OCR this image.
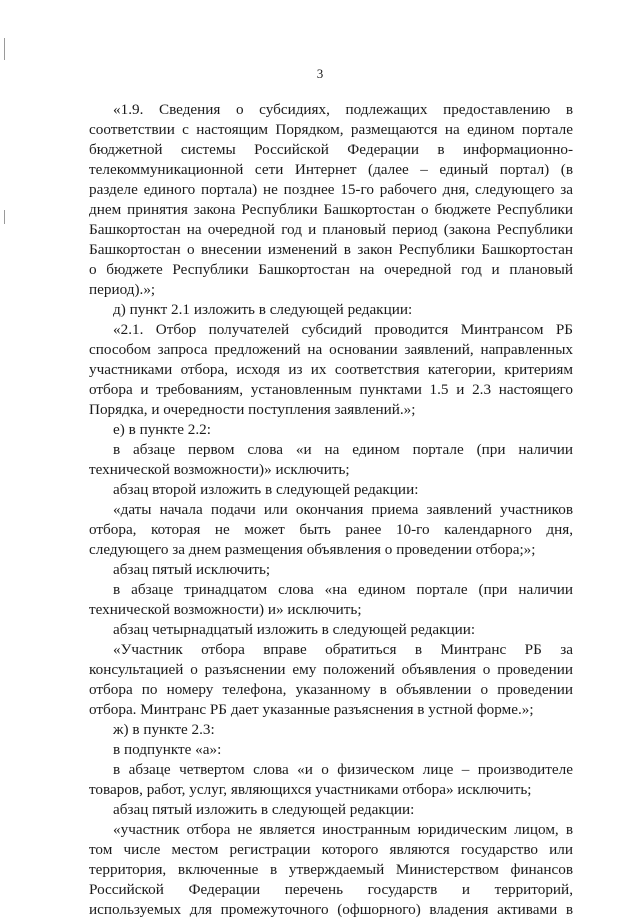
3
«1.9. Сведения о субсидиях, подлежащих предоставлению в
соответствии с настоящим Порядком, размещаются на едином портале
бюджетной системы Российской Федерации в информационно-
телекоммуникационной сети Интернет (далее – единый портал) (в
разделе единого портала) не позднее 15-го рабочего дня, следующего за
днем принятия закона Республики Башкортостан о бюджете Республики
Башкортостан на очередной год и плановый период (закона Республики
Башкортостан о внесении изменений в закон Республики Башкортостан
о бюджете Республики Башкортостан на очередной год и плановый
период).»;
д) пункт 2.1 изложить в следующей редакции:
«2.1. Отбор получателей субсидий проводится Минтрансом РБ
способом запроса предложений на основании заявлений, направленных
участниками отбора, исходя из их соответствия категории, критериям
отбора и требованиям, установленным пунктами 1.5 и 2.3 настоящего
Порядка, и очередности поступления заявлений.»;
е) в пункте 2.2:
в абзаце первом слова «и на едином портале (при наличии
технической возможности)» исключить;
абзац второй изложить в следующей редакции:
«даты начала подачи или окончания приема заявлений участников
отбора, которая не может быть ранее 10-го календарного дня,
следующего за днем размещения объявления о проведении отбора;»;
абзац пятый исключить;
в абзаце тринадцатом слова «на едином портале (при наличии
технической возможности) и» исключить;
абзац четырнадцатый изложить в следующей редакции:
«Участник отбора вправе обратиться в Минтранс РБ за
консультацией о разъяснении ему положений объявления о проведении
отбора по номеру телефона, указанному в объявлении о проведении
отбора. Минтранс РБ дает указанные разъяснения в устной форме.»;
ж) в пункте 2.3:
в подпункте «а»:
в абзаце четвертом слова «и о физическом лице – производителе
товаров, работ, услуг, являющихся участниками отбора» исключить;
абзац пятый изложить в следующей редакции:
«участник отбора не является иностранным юридическим лицом, в
том числе местом регистрации которого являются государство или
территория, включенные в утверждаемый Министерством финансов
Российской Федерации перечень государств и территорий,
используемых для промежуточного (офшорного) владения активами в
